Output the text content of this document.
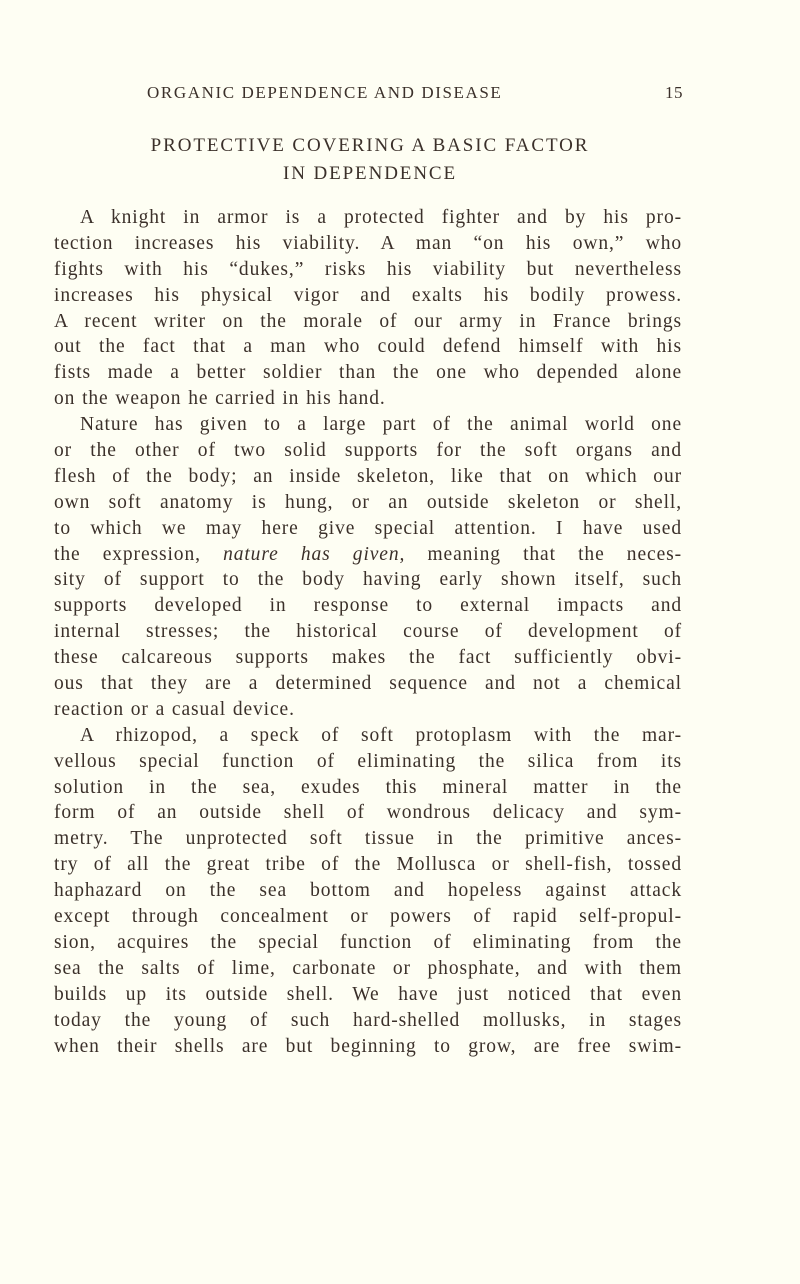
ORGANIC DEPENDENCE AND DISEASE	15
PROTECTIVE COVERING A BASIC FACTOR
IN DEPENDENCE
A knight in armor is a protected fighter and by his pro-
tection increases his viability. A man “on his own,” who
fights with his “dukes,” risks his viability but nevertheless
increases his physical vigor and exalts his bodily prowess.
A recent writer on the morale of our army in France brings
out the fact that a man who could defend himself with his
fists made a better soldier than the one who depended alone
on the weapon he carried in his hand.
Nature has given to a large part of the animal world one
or the other of two solid supports for the soft organs and
flesh of the body; an inside skeleton, like that on which our
own soft anatomy is hung, or an outside skeleton or shell,
to which we may here give special attention. I have used
the expression, nature has given, meaning that the neces-
sity of support to the body having early shown itself, such
supports developed in response to external impacts and
internal stresses; the historical course of development of
these calcareous supports makes the fact sufficiently obvi-
ous that they are a determined sequence and not a chemical
reaction or a casual device.
A rhizopod, a speck of soft protoplasm with the mar-
vellous special function of eliminating the silica from its
solution in the sea, exudes this mineral matter in the
form of an outside shell of wondrous delicacy and sym-
metry. The unprotected soft tissue in the primitive ances-
try of all the great tribe of the Mollusca or shell-fish, tossed
haphazard on the sea bottom and hopeless against attack
except through concealment or powers of rapid self-propul-
sion, acquires the special function of eliminating from the
sea the salts of lime, carbonate or phosphate, and with them
builds up its outside shell. We have just noticed that even
today the young of such hard-shelled mollusks, in stages
when their shells are but beginning to grow, are free swim-
